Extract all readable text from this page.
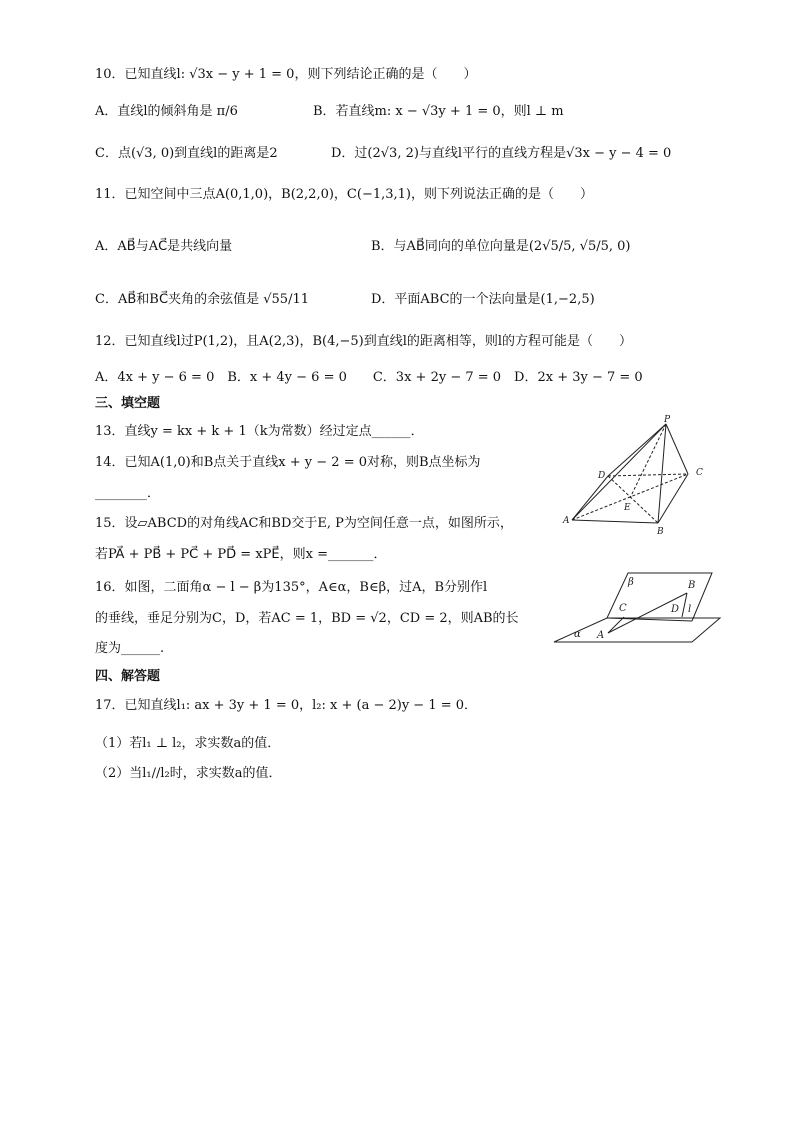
10．已知直线l: √3x − y + 1 = 0，则下列结论正确的是（　　）
A．直线l的倾斜角是 π/6	B．若直线m: x − √3y + 1 = 0，则l ⊥ m
C．点(√3, 0)到直线l的距离是2	D．过(2√3, 2)与直线l平行的直线方程是√3x − y − 4 = 0
11．已知空间中三点A(0,1,0)，B(2,2,0)，C(−1,3,1)，则下列说法正确的是（　　）
A．AB⃗与AC⃗是共线向量	B．与AB⃗同向的单位向量是(2√5/5, √5/5, 0)
C．AB⃗和BC⃗夹角的余弦值是 √55/11	D．平面ABC的一个法向量是(1,−2,5)
12．已知直线l过P(1,2)，且A(2,3)，B(4,−5)到直线l的距离相等，则l的方程可能是（　　）
A．4x + y − 6 = 0　B．x + 4y − 6 = 0　　C．3x + 2y − 7 = 0　D．2x + 3y − 7 = 0
三、填空题
13．直线y = kx + k + 1（k为常数）经过定点______．
14．已知A(1,0)和B点关于直线x + y − 2 = 0对称，则B点坐标为
________．
15．设▱ABCD的对角线AC和BD交于E, P为空间任意一点，如图所示，
若PA⃗ + PB⃗ + PC⃗ + PD⃗ = xPE⃗，则x =_______．
16．如图，二面角α − l − β为135°，A∈α，B∈β，过A，B分别作l
的垂线，垂足分别为C，D，若AC = 1，BD = √2，CD = 2，则AB的长
度为______.
四、解答题
17．已知直线l₁: ax + 3y + 1 = 0，l₂: x + (a − 2)y − 1 = 0．
（1）若l₁ ⊥ l₂，求实数a的值．
（2）当l₁//l₂时，求实数a的值．
P
D	C
A
E
B
β	B
C	D l
α A
